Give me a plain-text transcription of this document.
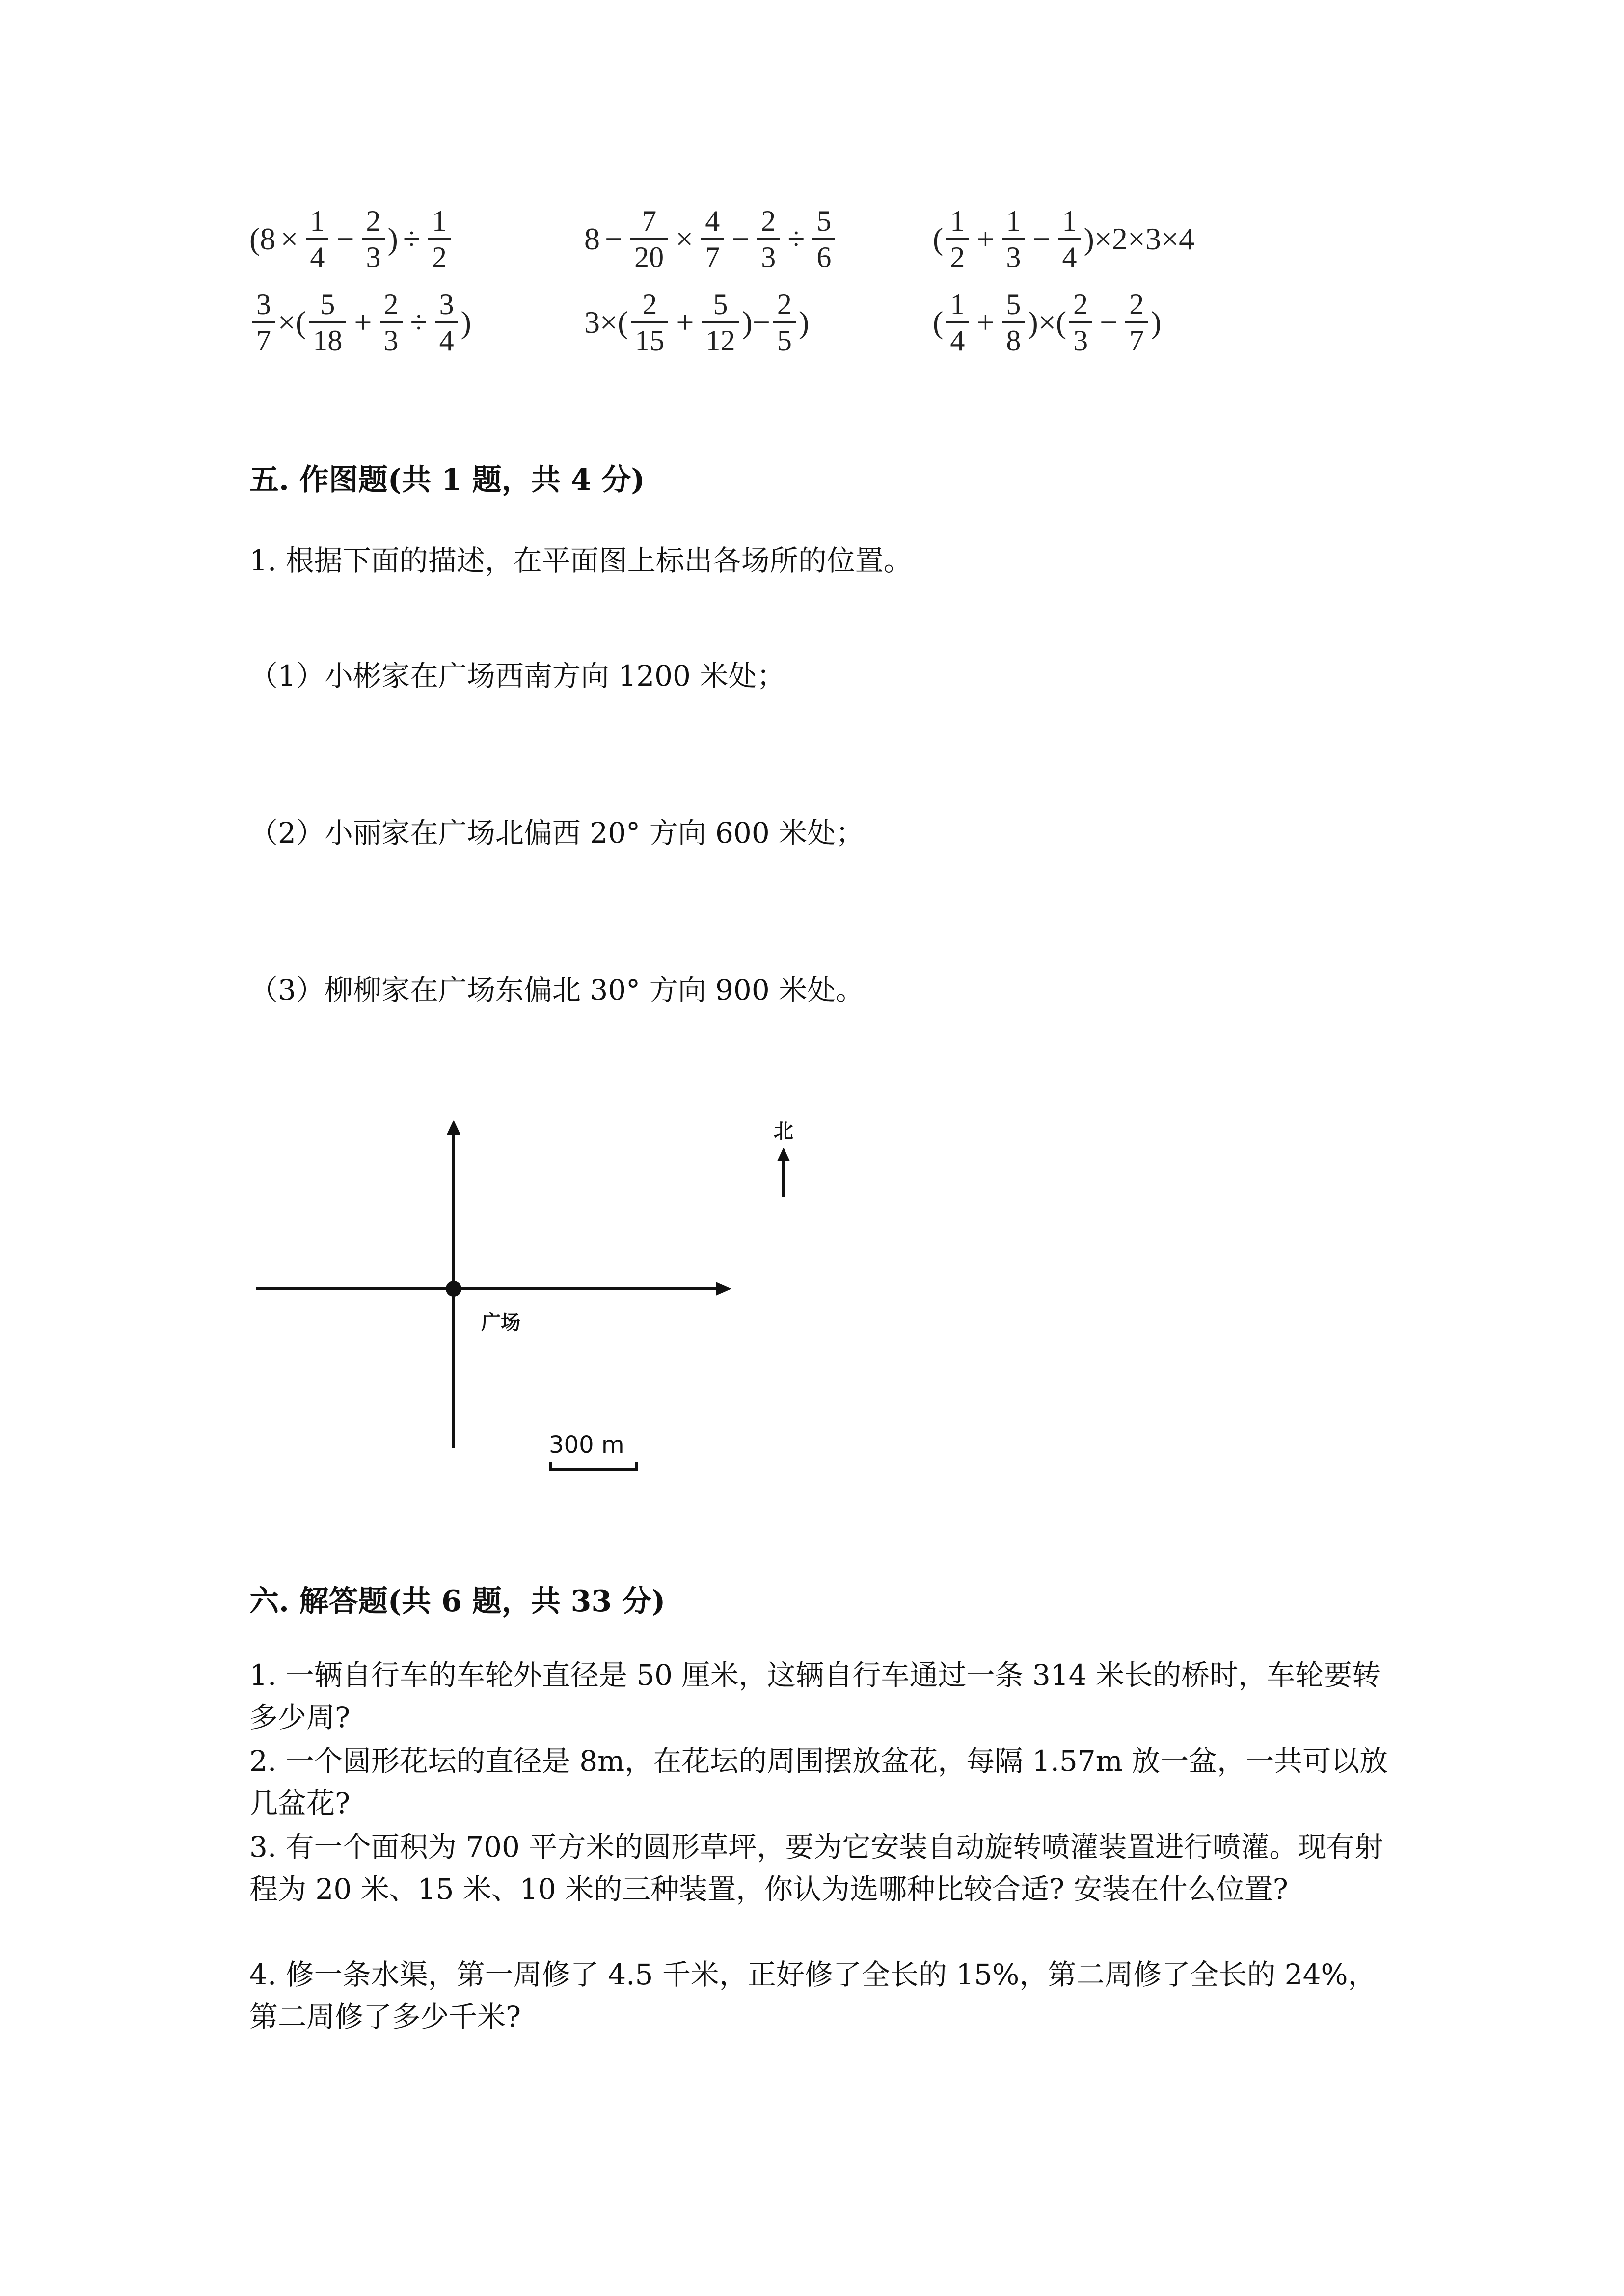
($8 \times \frac{1}{4} - \frac{2}{3}$ ) ÷ $\frac{1}{2}$	$8 - \frac{7}{20} \times \frac{4}{7} - \frac{2}{3} \div \frac{5}{6}$	( $\frac{1}{2} + \frac{1}{3} - \frac{1}{4}$ ) ×2×3×4
$\frac{3}{7}$ ×( $\frac{5}{18} + \frac{2}{3} \div \frac{3}{4}$ )	$3\times( \frac{2}{15} + \frac{5}{12}$ )− $\frac{2}{5}$ )	( $\frac{1}{4} + \frac{5}{8}$ )×( $\frac{2}{3} - \frac{2}{7}$ )
五. 作图题(共 1 题，共 4 分)
1. 根据下面的描述，在平面图上标出各场所的位置。
（1）小彬家在广场西南方向 1200 米处；
（2）小丽家在广场北偏西 20° 方向 600 米处；
（3）柳柳家在广场东偏北 30° 方向 900 米处。
广场
北
300 m
六. 解答题(共 6 题，共 33 分)
1. 一辆自行车的车轮外直径是 50 厘米，这辆自行车通过一条 314 米长的桥时，车轮要转多少周?
2. 一个圆形花坛的直径是 8m，在花坛的周围摆放盆花，每隔 1.57m 放一盆，一共可以放几盆花?
3. 有一个面积为 700 平方米的圆形草坪，要为它安装自动旋转喷灌装置进行喷灌。现有射程为 20 米、15 米、10 米的三种装置，你认为选哪种比较合适? 安装在什么位置?
4. 修一条水渠，第一周修了 4.5 千米，正好修了全长的 15%，第二周修了全长的 24%，第二周修了多少千米?
